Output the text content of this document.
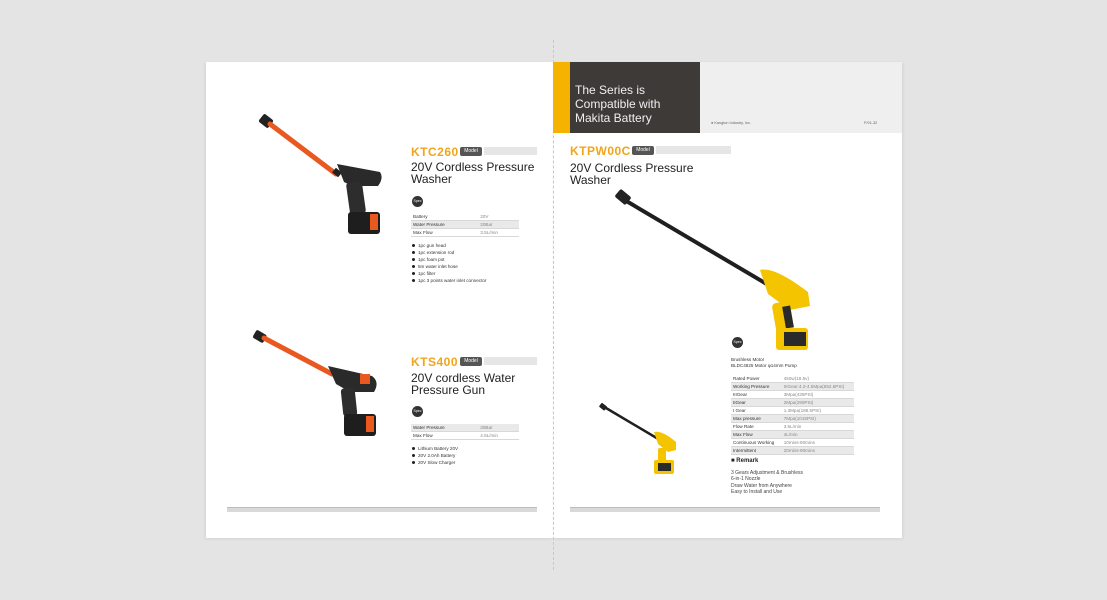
KTC260	Model
20V Cordless Pressure
Washer
Spec
Battery	20V
Water Pressure	20Bar
Max Flow	3.5L/min
1pc gun head
1pc extension rod
1pc foam pot
5m water inlet hose
1pc filter
1pc 3 points water inlet connector
KTS400	Model
20V cordless Water
Pressure Gun
Spec
Water Pressure	30Bar
Max Flow	4.8L/min
Lithium Battery 20V
20V 2.0Ah Battery
20V Slow Charger
The Series is
Compatible with
Makita Battery	● Kangton Industry, Inc.	P/01-32
KTPW00C	Model
20V Cordless Pressure
Washer
Spec
Brushless Motor
BLDC4825 Motor φ14mm Pump
Rated Power	450w(18.5v)
Working Pressure	IIIGear:4.2-4.5Mpa(652.5PSI)
IIIGear	3Mpa(435PSI)
IIGear	2Mpa(290PSI)
I Gear	1.3Mpa(188.5PSI)
Max pressure	7Mpa(1015PSI)
Flow Rate	3.5L/min
Max Flow	4L/min
Continuous Working	10mins-60mins
Intermittent	20mins-90mins
■ Remark
3 Gears Adjustment & Brushless
6-in-1 Nozzle
Draw Water from Anywhere
Easy to Install and Use
